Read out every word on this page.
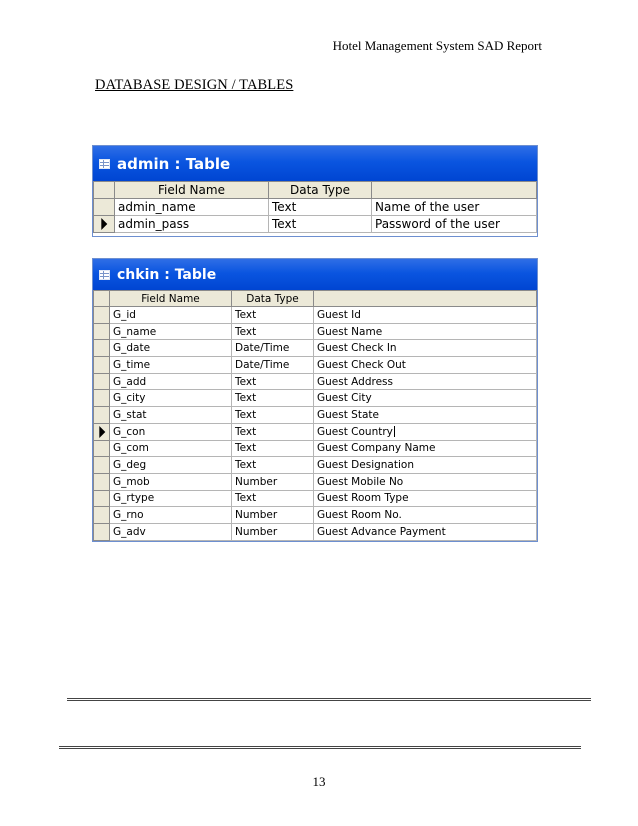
Hotel Management System SAD Report
DATABASE DESIGN / TABLES
admin : Table
	Field Name	Data Type	
	admin_name	Text	Name of the user

	admin_pass	Text	Password of the user
chkin : Table
	Field Name	Data Type	
	G_id	Text	Guest Id
	G_name	Text	Guest Name
	G_date	Date/Time	Guest Check In
	G_time	Date/Time	Guest Check Out
	G_add	Text	Guest Address
	G_city	Text	Guest City
	G_stat	Text	Guest State

	G_con	Text	Guest Country
	G_com	Text	Guest Company Name
	G_deg	Text	Guest Designation
	G_mob	Number	Guest Mobile No
	G_rtype	Text	Guest Room Type
	G_rno	Number	Guest Room No.
	G_adv	Number	Guest Advance Payment
13
